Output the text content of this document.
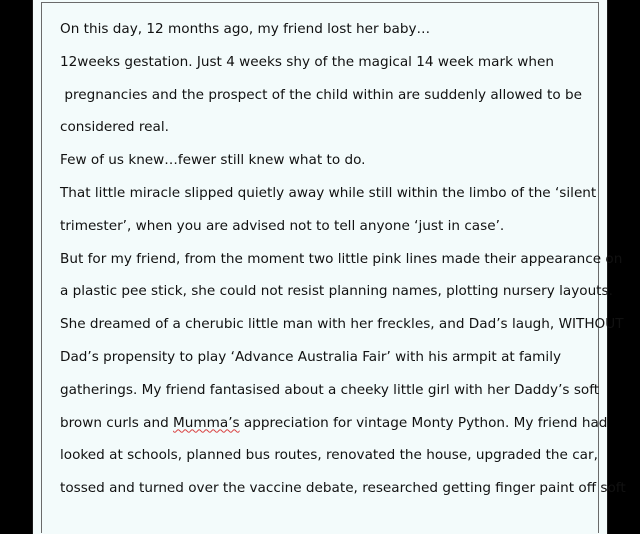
On this day, 12 months ago, my friend lost her baby…
12weeks gestation. Just 4 weeks shy of the magical 14 week mark when
pregnancies and the prospect of the child within are suddenly allowed to be
considered real.
Few of us knew…fewer still knew what to do.
That little miracle slipped quietly away while still within the limbo of the ‘silent
trimester’, when you are advised not to tell anyone ‘just in case’.
But for my friend, from the moment two little pink lines made their appearance on
a plastic pee stick, she could not resist planning names, plotting nursery layouts.
She dreamed of a cherubic little man with her freckles, and Dad’s laugh, WITHOUT
Dad’s propensity to play ‘Advance Australia Fair’ with his armpit at family
gatherings. My friend fantasised about a cheeky little girl with her Daddy’s soft
brown curls and Mumma’s appreciation for vintage Monty Python. My friend had
looked at schools, planned bus routes, renovated the house, upgraded the car,
tossed and turned over the vaccine debate, researched getting finger paint off soft
